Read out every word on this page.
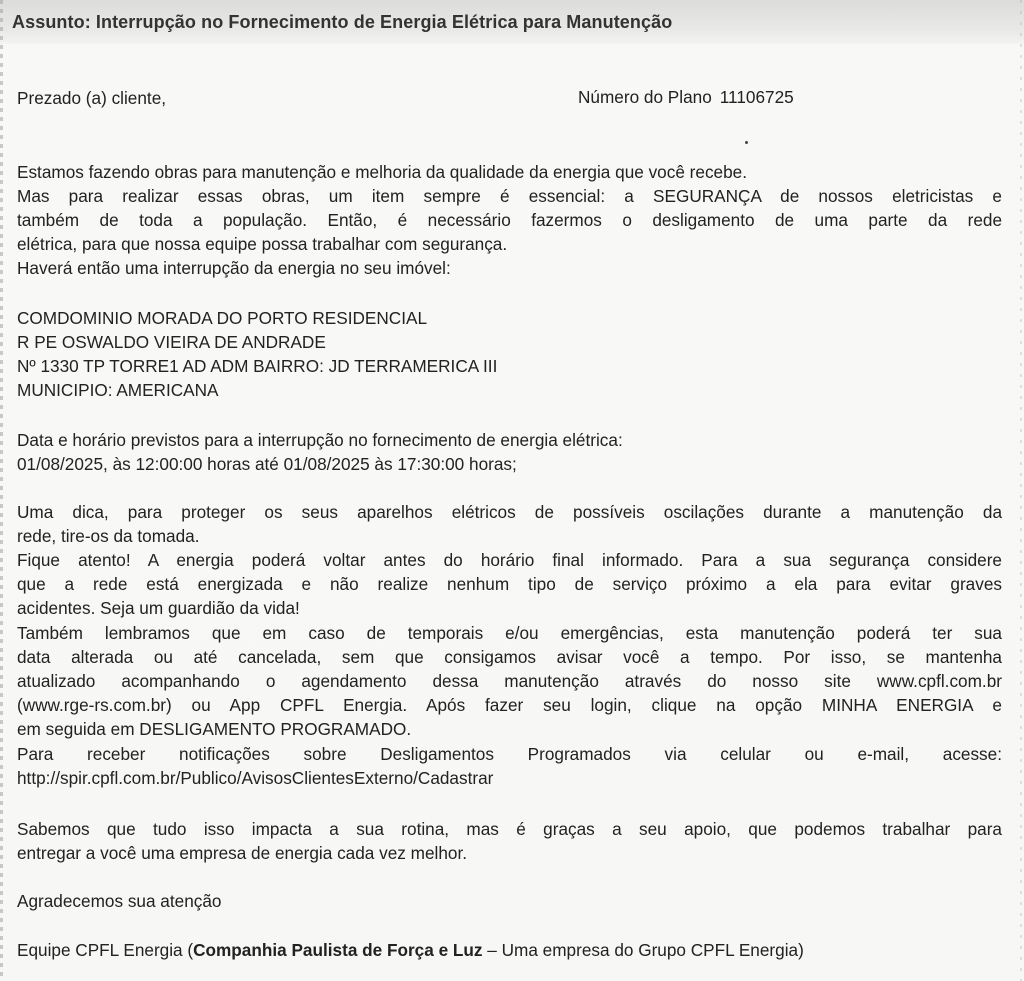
Assunto: Interrupção no Fornecimento de Energia Elétrica para Manutenção
Prezado (a) cliente,	Número do Plano 11106725
Estamos fazendo obras para manutenção e melhoria da qualidade da energia que você recebe.
Mas para realizar essas obras, um item sempre é essencial: a SEGURANÇA de nossos eletricistas e
também de toda a população. Então, é necessário fazermos o desligamento de uma parte da rede
elétrica, para que nossa equipe possa trabalhar com segurança.
Haverá então uma interrupção da energia no seu imóvel:
COMDOMINIO MORADA DO PORTO RESIDENCIAL
R PE OSWALDO VIEIRA DE ANDRADE
Nº 1330 TP TORRE1 AD ADM BAIRRO: JD TERRAMERICA III
MUNICIPIO: AMERICANA
Data e horário previstos para a interrupção no fornecimento de energia elétrica:
01/08/2025, às 12:00:00 horas até 01/08/2025 às 17:30:00 horas;
Uma dica, para proteger os seus aparelhos elétricos de possíveis oscilações durante a manutenção da
rede, tire-os da tomada.
Fique atento! A energia poderá voltar antes do horário final informado. Para a sua segurança considere
que a rede está energizada e não realize nenhum tipo de serviço próximo a ela para evitar graves
acidentes. Seja um guardião da vida!
Também lembramos que em caso de temporais e/ou emergências, esta manutenção poderá ter sua
data alterada ou até cancelada, sem que consigamos avisar você a tempo. Por isso, se mantenha
atualizado acompanhando o agendamento dessa manutenção através do nosso site www.cpfl.com.br
(www.rge-rs.com.br) ou App CPFL Energia. Após fazer seu login, clique na opção MINHA ENERGIA e
em seguida em DESLIGAMENTO PROGRAMADO.
Para receber notificações sobre Desligamentos Programados via celular ou e-mail, acesse:
http://spir.cpfl.com.br/Publico/AvisosClientesExterno/Cadastrar
Sabemos que tudo isso impacta a sua rotina, mas é graças a seu apoio, que podemos trabalhar para
entregar a você uma empresa de energia cada vez melhor.
Agradecemos sua atenção
Equipe CPFL Energia (Companhia Paulista de Força e Luz – Uma empresa do Grupo CPFL Energia)
